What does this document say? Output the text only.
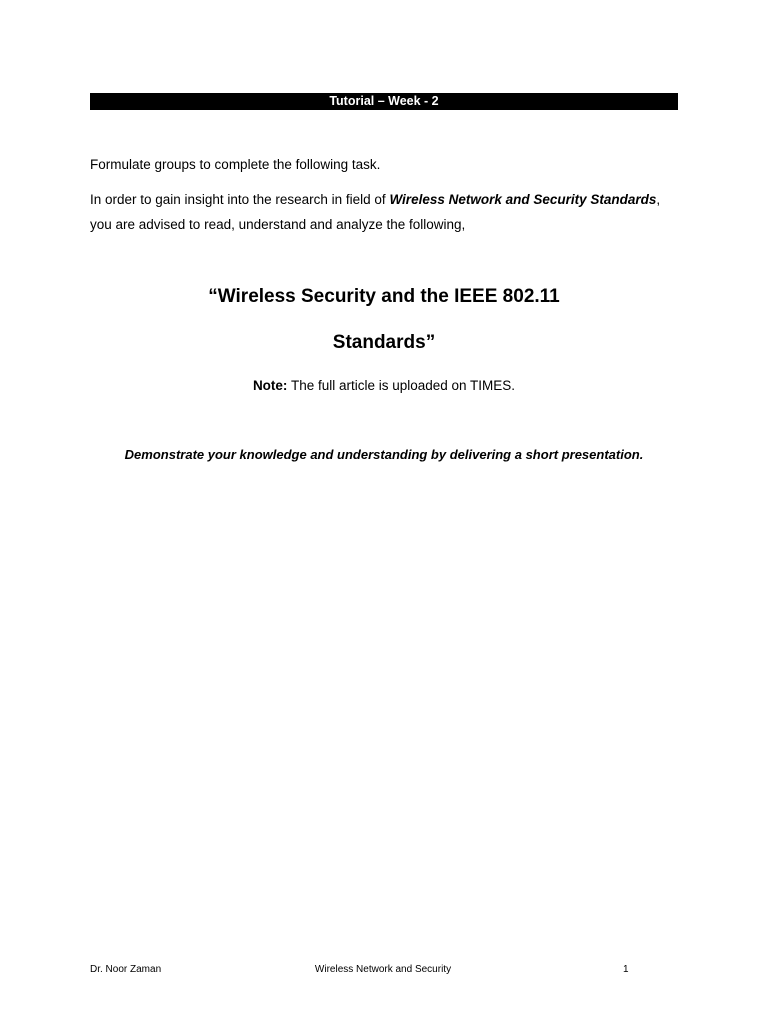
Tutorial – Week - 2
Formulate groups to complete the following task.
In order to gain insight into the research in field of Wireless Network and Security Standards,
you are advised to read, understand and analyze the following,
“Wireless Security and the IEEE 802.11
Standards”
Note: The full article is uploaded on TIMES.
Demonstrate your knowledge and understanding by delivering a short presentation.
Dr. Noor Zaman	Wireless Network and Security	1
